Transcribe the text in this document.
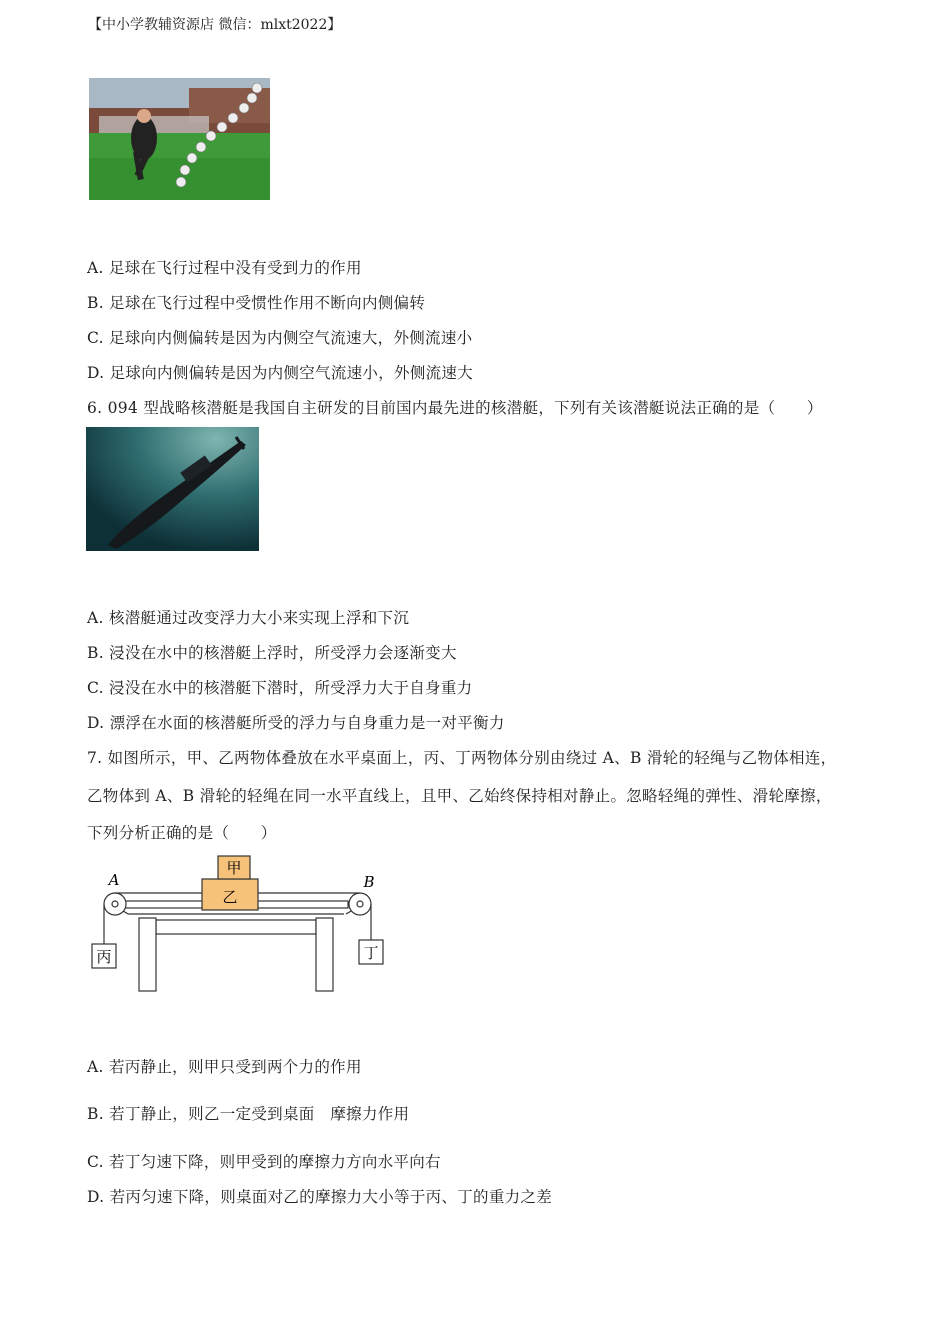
【中小学教辅资源店 微信：mlxt2022】
A. 足球在飞行过程中没有受到力的作用
B. 足球在飞行过程中受惯性作用不断向内侧偏转
C. 足球向内侧偏转是因为内侧空气流速大，外侧流速小
D. 足球向内侧偏转是因为内侧空气流速小，外侧流速大
6. 094 型战略核潜艇是我国自主研发的目前国内最先进的核潜艇，下列有关该潜艇说法正确的是（　　）
A. 核潜艇通过改变浮力大小来实现上浮和下沉
B. 浸没在水中的核潜艇上浮时，所受浮力会逐渐变大
C. 浸没在水中的核潜艇下潜时，所受浮力大于自身重力
D. 漂浮在水面的核潜艇所受的浮力与自身重力是一对平衡力
7. 如图所示，甲、乙两物体叠放在水平桌面上，丙、丁两物体分别由绕过 A、B 滑轮的轻绳与乙物体相连，
乙物体到 A、B 滑轮的轻绳在同一水平直线上，且甲、乙始终保持相对静止。忽略轻绳的弹性、滑轮摩擦，
下列分析正确的是（　　）
甲
乙
丙	丁
A	B
A. 若丙静止，则甲只受到两个力的作用
B. 若丁静止，则乙一定受到桌面　摩擦力作用
C. 若丁匀速下降，则甲受到的摩擦力方向水平向右
D. 若丙匀速下降，则桌面对乙的摩擦力大小等于丙、丁的重力之差
